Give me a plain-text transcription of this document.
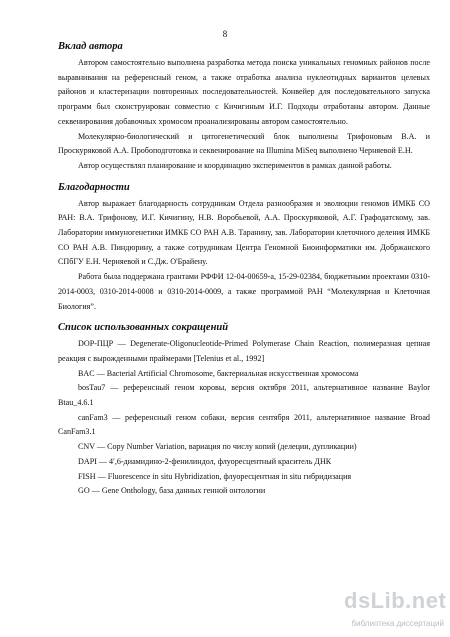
8
Вклад автора

Автором самостоятельно выполнена разработка метода поиска уникальных геномных районов после выравнивания на референсный геном, а также отработка анализа нуклеотидных вариантов целевых районов и кластеризации повторенных последовательностей. Конвейер для последовательного запуска программ был сконструирован совместно с Кичигиным И.Г. Подходы отработаны автором. Данные секвенирования добавочных хромосом проанализированы автором самостоятельно.

Молекулярно-биологический и цитогенетический блок выполнены Трифоновым В.А. и Проскуряковой А.А. Пробоподготовка и секвенирование на Illumina MiSeq выполнено Черняевой Е.Н.

Автор осуществлял планирование и координацию экспериментов в рамках данной работы.

Благодарности

Автор выражает благодарность сотрудникам Отдела разнообразия и эволюции геномов ИМКБ СО РАН: В.А. Трифонову, И.Г. Кичигину, Н.В. Воробьевой, А.А. Проскуряковой, А.Г. Графодатскому, зав. Лаборатории иммуногенетики ИМКБ СО РАН А.В. Таранину, зав. Лаборатории клеточного деления ИМКБ СО РАН А.В. Пиндюрину, а также сотрудникам Центра Геномной Биоинформатики им. Добржанского СПбГУ Е.Н. Черняевой и С.Дж. О'Брайену.

Работа была поддержана грантами РФФИ 12-04-00659-а, 15-29-02384, бюджетными проектами 0310-2014-0003, 0310-2014-0008 и 0310-2014-0009, а также программой РАН “Молекулярная и Клеточная Биология”.

Список использованных сокращений

DOP-ПЦР — Degenerate-Oligonucleotide-Primed Polymerase Chain Reaction, полимеразная цепная реакция с вырожденными праймерами [Telenius et al., 1992]

BAC — Bacterial Artificial Chromosome, бактериальная искусственная хромосома

bosTau7 — референсный геном коровы, версия октября 2011, альтернативное название Baylor Btau_4.6.1

canFam3 — референсный геном собаки, версия сентября 2011, альтернативное название Broad CanFam3.1

CNV — Copy Number Variation, вариация по числу копий (делеции, дупликации)

DAPI — 4′,6-диамидино-2-фенилиндол, флуоресцентный краситель ДНК

FISH — Fluorescence in situ Hybridization, флуоресцентная in situ гибридизация

GO — Gene Onthology, база данных генной онтологии

dsLib.net
библиотека диссертаций
